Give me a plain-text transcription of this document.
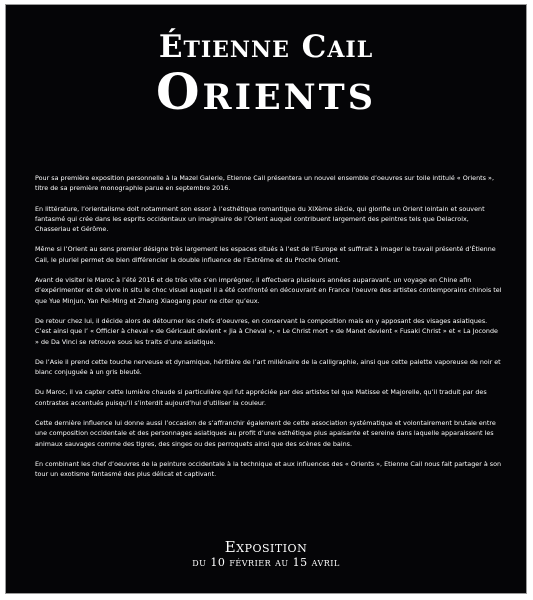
Étienne Cail
Orients

Pour sa première exposition personnelle à la Mazel Galerie, Etienne Cail présentera un nouvel ensemble d’oeuvres sur toile intitulé « Orients », titre de sa première monographie parue en septembre 2016.

En littérature, l’orientalisme doit notamment son essor à l’esthétique romantique du XIXème siècle, qui glorifie un Orient lointain et souvent fantasmé qui crée dans les esprits occidentaux un imaginaire de l’Orient auquel contribuent largement des peintres tels que Delacroix, Chasseriau et Gérôme.

Même si l’Orient au sens premier désigne très largement les espaces situés à l’est de l’Europe et suffirait à imager le travail présenté d’Étienne Cail, le pluriel permet de bien différencier la double influence de l’Extrême et du Proche Orient.

Avant de visiter le Maroc à l’été 2016 et de très vite s’en imprégner, il effectuera plusieurs années auparavant, un voyage en Chine afin d’expérimenter et de vivre in situ le choc visuel auquel il a été confronté en découvrant en France l’oeuvre des artistes contemporains chinois tel que Yue Minjun, Yan Pei-Ming et Zhang Xiaogang pour ne citer qu’eux.

De retour chez lui, il décide alors de détourner les chefs d’oeuvres, en conservant la composition mais en y apposant des visages asiatiques. C’est ainsi que l’ « Officier à cheval » de Géricault devient « Jia à Cheval », « Le Christ mort » de Manet devient « Fusaki Christ » et « La Joconde » de Da Vinci se retrouve sous les traits d’une asiatique.

De l’Asie il prend cette touche nerveuse et dynamique, héritière de l’art millénaire de la calligraphie, ainsi que cette palette vaporeuse de noir et blanc conjuguée à un gris bleuté.

Du Maroc, il va capter cette lumière chaude si particulière qui fut appréciée par des artistes tel que Matisse et Majorelle, qu’il traduit par des contrastes accentués puisqu’il s’interdit aujourd’hui d’utiliser la couleur.

Cette dernière influence lui donne aussi l’occasion de s’affranchir également de cette association systématique et volontairement brutale entre une composition occidentale et des personnages asiatiques au profit d’une esthétique plus apaisante et sereine dans laquelle apparaissent les animaux sauvages comme des tigres, des singes ou des perroquets ainsi que des scènes de bains.

En combinant les chef d’oeuvres de la peinture occidentale à la technique et aux influences des « Orients », Etienne Cail nous fait partager à son tour un exotisme fantasmé des plus délicat et captivant.

Exposition
du 10 février au 15 avril
